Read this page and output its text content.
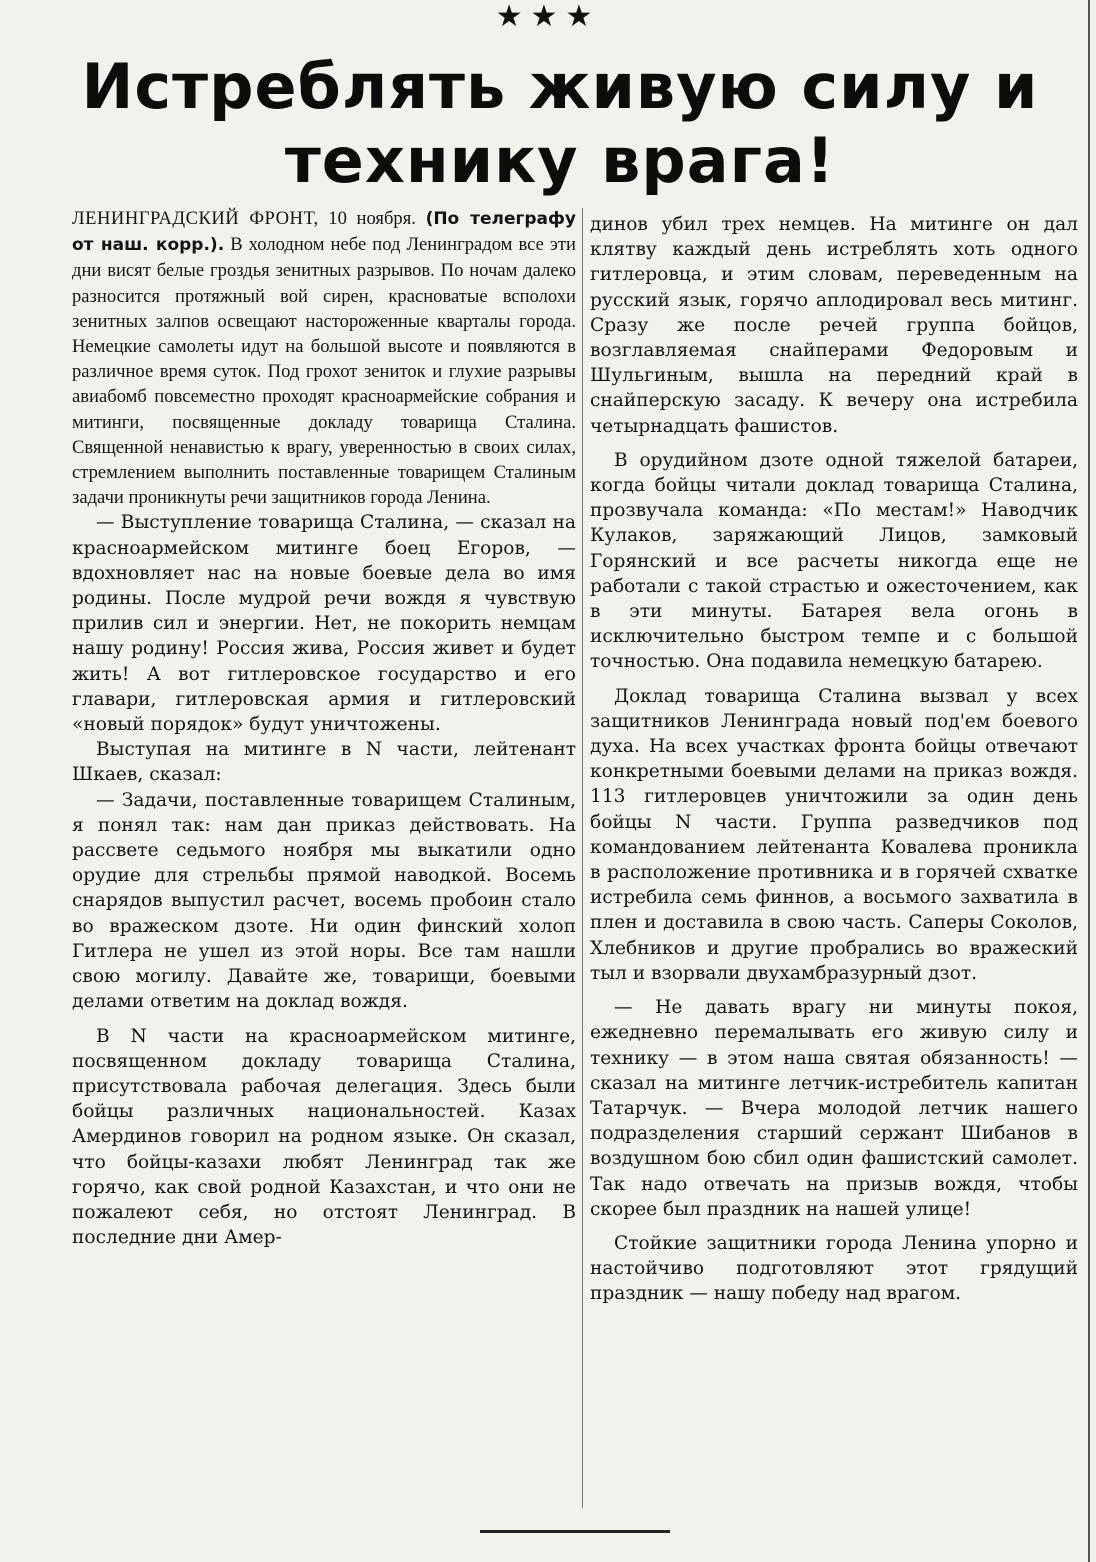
★★★
Истреблять живую силу и
технику врага!

ЛЕНИНГРАДСКИЙ ФРОНТ, 10 ноября. (По телеграфу от наш. корр.). В холодном небе под Ленинградом все эти дни висят белые гроздья зенитных разрывов. По ночам далеко разносится протяжный вой сирен, красноватые всполохи зенитных залпов освещают настороженные кварталы города. Немецкие самолеты идут на большой высоте и появляются в различное время суток. Под грохот зениток и глухие разрывы авиабомб повсеместно проходят красноармейские собрания и митинги, посвященные докладу товарища Сталина. Священной ненавистью к врагу, уверенностью в своих силах, стремлением выполнить поставленные товарищем Сталиным задачи проникнуты речи защитников города Ленина.

— Выступление товарища Сталина, — сказал на красноармейском митинге боец Егоров, — вдохновляет нас на новые боевые дела во имя родины. После мудрой речи вождя я чувствую прилив сил и энергии. Нет, не покорить немцам нашу родину! Россия жива, Россия живет и будет жить! А вот гитлеровское государство и его главари, гитлеровская армия и гитлеровский «новый порядок» будут уничтожены.

Выступая на митинге в N части, лейтенант Шкаев, сказал:

— Задачи, поставленные товарищем Сталиным, я понял так: нам дан приказ действовать. На рассвете седьмого ноября мы выкатили одно орудие для стрельбы прямой наводкой. Восемь снарядов выпустил расчет, восемь пробоин стало во вражеском дзоте. Ни один финский холоп Гитлера не ушел из этой норы. Все там нашли свою могилу. Давайте же, товарищи, боевыми делами ответим на доклад вождя.

В N части на красноармейском митинге, посвященном докладу товарища Сталина, присутствовала рабочая делегация. Здесь были бойцы различных национальностей. Казах Амердинов говорил на родном языке. Он сказал, что бойцы-казахи любят Ленинград так же горячо, как свой родной Казахстан, и что они не пожалеют себя, но отстоят Ленинград. В последние дни Амер-

динов убил трех немцев. На митинге он дал клятву каждый день истреблять хоть одного гитлеровца, и этим словам, переведенным на русский язык, горячо аплодировал весь митинг. Сразу же после речей группа бойцов, возглавляемая снайперами Федоровым и Шульгиным, вышла на передний край в снайперскую засаду. К вечеру она истребила четырнадцать фашистов.

В орудийном дзоте одной тяжелой батареи, когда бойцы читали доклад товарища Сталина, прозвучала команда: «По местам!» Наводчик Кулаков, заряжающий Лицов, замковый Горянский и все расчеты никогда еще не работали с такой страстью и ожесточением, как в эти минуты. Батарея вела огонь в исключительно быстром темпе и с большой точностью. Она подавила немецкую батарею.

Доклад товарища Сталина вызвал у всех защитников Ленинграда новый под'ем боевого духа. На всех участках фронта бойцы отвечают конкретными боевыми делами на приказ вождя. 113 гитлеровцев уничтожили за один день бойцы N части. Группа разведчиков под командованием лейтенанта Ковалева проникла в расположение противника и в горячей схватке истребила семь финнов, а восьмого захватила в плен и доставила в свою часть. Саперы Соколов, Хлебников и другие пробрались во вражеский тыл и взорвали двухамбразурный дзот.

— Не давать врагу ни минуты покоя, ежедневно перемалывать его живую силу и технику — в этом наша святая обязанность! — сказал на митинге летчик-истребитель капитан Татарчук. — Вчера молодой летчик нашего подразделения старший сержант Шибанов в воздушном бою сбил один фашистский самолет. Так надо отвечать на призыв вождя, чтобы скорее был праздник на нашей улице!

Стойкие защитники города Ленина упорно и настойчиво подготовляют этот грядущий праздник — нашу победу над врагом.
